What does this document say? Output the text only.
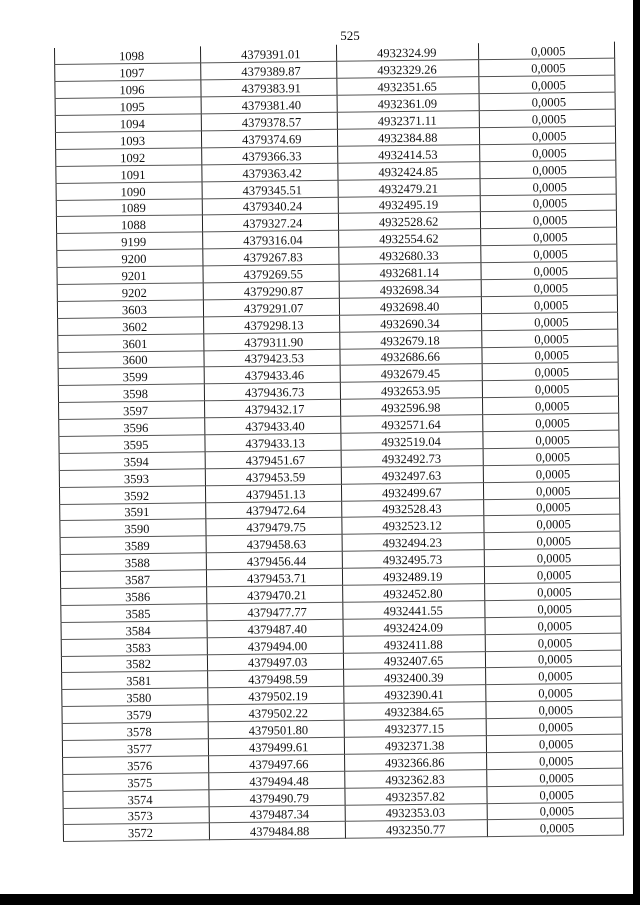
525
1098	4379391.01	4932324.99	0,0005
1097	4379389.87	4932329.26	0,0005
1096	4379383.91	4932351.65	0,0005
1095	4379381.40	4932361.09	0,0005
1094	4379378.57	4932371.11	0,0005
1093	4379374.69	4932384.88	0,0005
1092	4379366.33	4932414.53	0,0005
1091	4379363.42	4932424.85	0,0005
1090	4379345.51	4932479.21	0,0005
1089	4379340.24	4932495.19	0,0005
1088	4379327.24	4932528.62	0,0005
9199	4379316.04	4932554.62	0,0005
9200	4379267.83	4932680.33	0,0005
9201	4379269.55	4932681.14	0,0005
9202	4379290.87	4932698.34	0,0005
3603	4379291.07	4932698.40	0,0005
3602	4379298.13	4932690.34	0,0005
3601	4379311.90	4932679.18	0,0005
3600	4379423.53	4932686.66	0,0005
3599	4379433.46	4932679.45	0,0005
3598	4379436.73	4932653.95	0,0005
3597	4379432.17	4932596.98	0,0005
3596	4379433.40	4932571.64	0,0005
3595	4379433.13	4932519.04	0,0005
3594	4379451.67	4932492.73	0,0005
3593	4379453.59	4932497.63	0,0005
3592	4379451.13	4932499.67	0,0005
3591	4379472.64	4932528.43	0,0005
3590	4379479.75	4932523.12	0,0005
3589	4379458.63	4932494.23	0,0005
3588	4379456.44	4932495.73	0,0005
3587	4379453.71	4932489.19	0,0005
3586	4379470.21	4932452.80	0,0005
3585	4379477.77	4932441.55	0,0005
3584	4379487.40	4932424.09	0,0005
3583	4379494.00	4932411.88	0,0005
3582	4379497.03	4932407.65	0,0005
3581	4379498.59	4932400.39	0,0005
3580	4379502.19	4932390.41	0,0005
3579	4379502.22	4932384.65	0,0005
3578	4379501.80	4932377.15	0,0005
3577	4379499.61	4932371.38	0,0005
3576	4379497.66	4932366.86	0,0005
3575	4379494.48	4932362.83	0,0005
3574	4379490.79	4932357.82	0,0005
3573	4379487.34	4932353.03	0,0005
3572	4379484.88	4932350.77	0,0005
